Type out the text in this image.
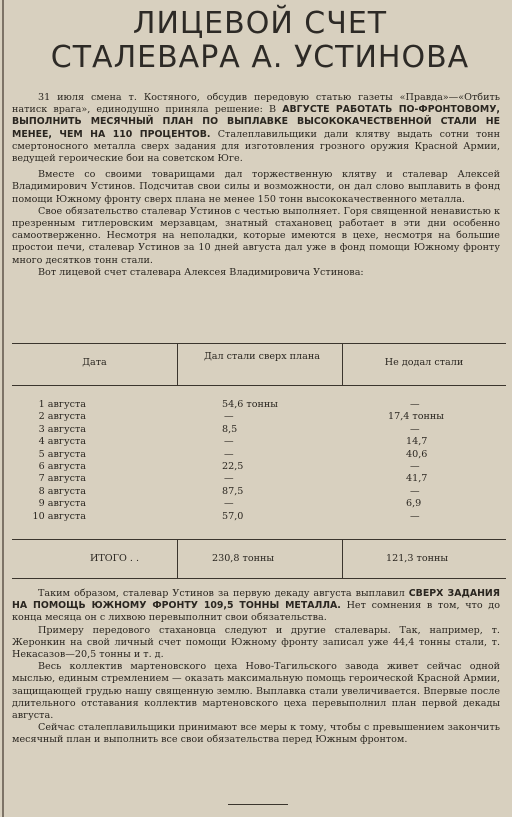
ЛИЦЕВОЙ СЧЕТ
СТАЛЕВАРА А. УСТИНОВА

31 июля смена т. Костяного, обсудив передовую статью газеты «Правда»—«Отбить натиск врага», единодушно приняла решение: В АВГУСТЕ РАБОТАТЬ ПО-ФРОНТОВОМУ, ВЫПОЛНИТЬ МЕСЯЧНЫЙ ПЛАН ПО ВЫПЛАВКЕ ВЫСОКОКАЧЕСТВЕННОЙ СТАЛИ НЕ МЕНЕЕ, ЧЕМ НА 110 ПРОЦЕНТОВ. Сталеплавильщики дали клятву выдать сотни тонн смертоносного металла сверх задания для изготовления грозного оружия Красной Армии, ведущей героические бои на советском Юге.

Вместе со своими товарищами дал торжественную клятву и сталевар Алексей Владимирович Устинов. Подсчитав свои силы и возможности, он дал слово выплавить в фонд помощи Южному фронту сверх плана не менее 150 тонн высококачественного металла.

Свое обязательство сталевар Устинов с честью выполняет. Горя священной ненавистью к презренным гитлеровским мерзавцам, знатный стахановец работает в эти дни особенно самоотверженно. Несмотря на неполадки, которые имеются в цехе, несмотря на большие простои печи, сталевар Устинов за 10 дней августа дал уже в фонд помощи Южному фронту много десятков тонн стали.

Вот лицевой счет сталевара Алексея Владимировича Устинова:

Дата
Дал стали сверх плана
Не додал стали
1 августа	54,6 тонны	—
2 августа	—	17,4 тонны
3 августа	8,5	—
4 августа	—	14,7
5 августа	—	40,6
6 августа	22,5	—
7 августа	—	41,7
8 августа	87,5	—
9 августа	—	6,9
10 августа	57,0	—
ИТОГО . .	230,8 тонны	121,3 тонны

Таким образом, сталевар Устинов за первую декаду августа выплавил СВЕРХ ЗАДАНИЯ НА ПОМОЩЬ ЮЖНОМУ ФРОНТУ 109,5 ТОННЫ МЕТАЛЛА. Нет сомнения в том, что до конца месяца он с лихвою перевыполнит свои обязательства.

Примеру передового стахановца следуют и другие сталевары. Так, например, т. Жеронкин на свой личный счет помощи Южному фронту записал уже 44,4 тонны стали, т. Некасазов—20,5 тонны и т. д.

Весь коллектив мартеновского цеха Ново-Тагильского завода живет сейчас одной мыслью, единым стремлением — оказать максимальную помощь героической Красной Армии, защищающей грудью нашу священную землю. Выплавка стали увеличивается. Впервые после длительного отставания коллектив мартеновского цеха перевыполнил план первой декады августа.

Сейчас сталеплавильщики принимают все меры к тому, чтобы с превышением закончить месячный план и выполнить все свои обязательства перед Южным фронтом.
